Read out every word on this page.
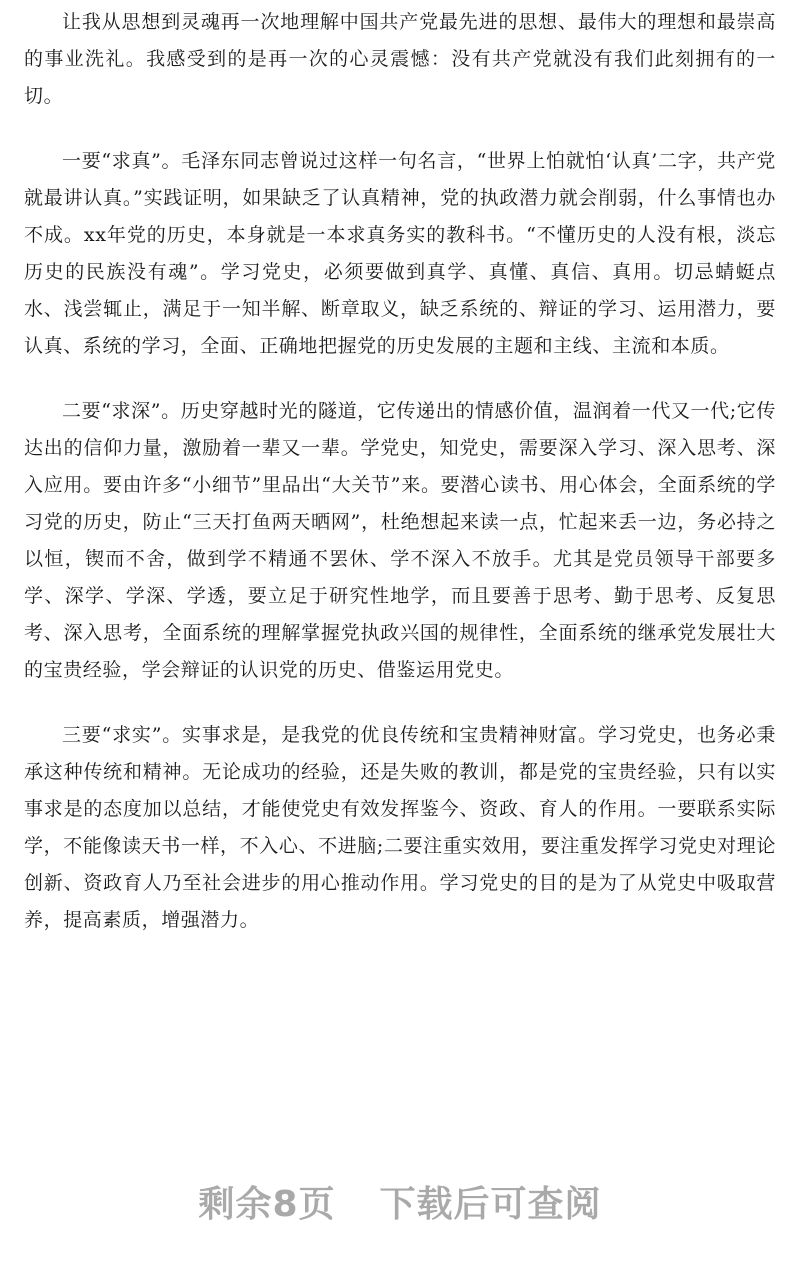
让我从思想到灵魂再一次地理解中国共产党最先进的思想、最伟大的理想和最崇高的事业洗礼。我感受到的是再一次的心灵震憾：没有共产党就没有我们此刻拥有的一切。

一要“求真”。毛泽东同志曾说过这样一句名言，“世界上怕就怕‘认真’二字，共产党就最讲认真。”实践证明，如果缺乏了认真精神，党的执政潜力就会削弱，什么事情也办不成。xx年党的历史，本身就是一本求真务实的教科书。“不懂历史的人没有根，淡忘历史的民族没有魂”。学习党史，必须要做到真学、真懂、真信、真用。切忌蜻蜓点水、浅尝辄止，满足于一知半解、断章取义，缺乏系统的、辩证的学习、运用潜力，要认真、系统的学习，全面、正确地把握党的历史发展的主题和主线、主流和本质。

二要“求深”。历史穿越时光的隧道，它传递出的情感价值，温润着一代又一代;它传达出的信仰力量，激励着一辈又一辈。学党史，知党史，需要深入学习、深入思考、深入应用。要由许多“小细节”里品出“大关节”来。要潜心读书、用心体会，全面系统的学习党的历史，防止“三天打鱼两天晒网”，杜绝想起来读一点，忙起来丢一边，务必持之以恒，锲而不舍，做到学不精通不罢休、学不深入不放手。尤其是党员领导干部要多学、深学、学深、学透，要立足于研究性地学，而且要善于思考、勤于思考、反复思考、深入思考，全面系统的理解掌握党执政兴国的规律性，全面系统的继承党发展壮大的宝贵经验，学会辩证的认识党的历史、借鉴运用党史。

三要“求实”。实事求是，是我党的优良传统和宝贵精神财富。学习党史，也务必秉承这种传统和精神。无论成功的经验，还是失败的教训，都是党的宝贵经验，只有以实事求是的态度加以总结，才能使党史有效发挥鉴今、资政、育人的作用。一要联系实际学，不能像读天书一样，不入心、不进脑;二要注重实效用，要注重发挥学习党史对理论创新、资政育人乃至社会进步的用心推动作用。学习党史的目的是为了从党史中吸取营养，提高素质，增强潜力。

剩余8页 下载后可查阅
